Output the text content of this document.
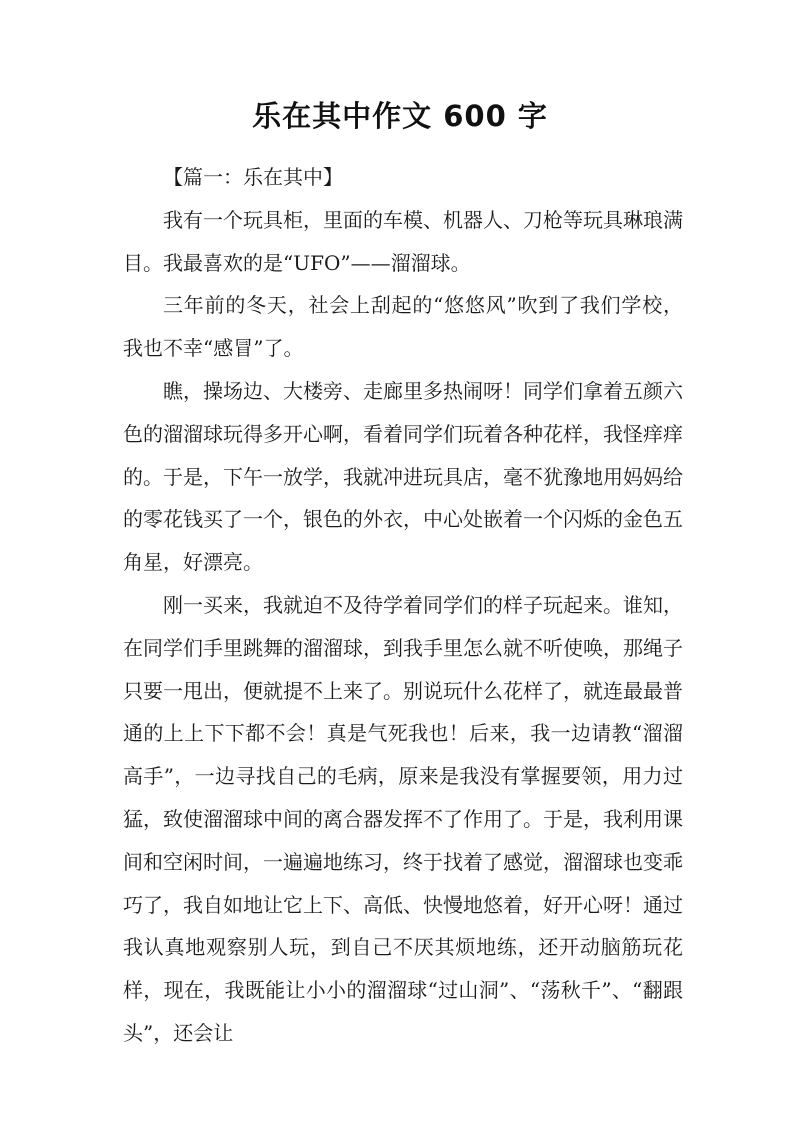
乐在其中作文 600 字

【篇一：乐在其中】

我有一个玩具柜，里面的车模、机器人、刀枪等玩具琳琅满目。我最喜欢的是“UFO”——溜溜球。

三年前的冬天，社会上刮起的“悠悠风”吹到了我们学校，我也不幸“感冒”了。

瞧，操场边、大楼旁、走廊里多热闹呀！同学们拿着五颜六色的溜溜球玩得多开心啊，看着同学们玩着各种花样，我怪痒痒的。于是，下午一放学，我就冲进玩具店，毫不犹豫地用妈妈给的零花钱买了一个，银色的外衣，中心处嵌着一个闪烁的金色五角星，好漂亮。

刚一买来，我就迫不及待学着同学们的样子玩起来。谁知，在同学们手里跳舞的溜溜球，到我手里怎么就不听使唤，那绳子只要一甩出，便就提不上来了。别说玩什么花样了，就连最最普通的上上下下都不会！真是气死我也！后来，我一边请教“溜溜高手”，一边寻找自己的毛病，原来是我没有掌握要领，用力过猛，致使溜溜球中间的离合器发挥不了作用了。于是，我利用课间和空闲时间，一遍遍地练习，终于找着了感觉，溜溜球也变乖巧了，我自如地让它上下、高低、快慢地悠着，好开心呀！通过我认真地观察别人玩，到自己不厌其烦地练，还开动脑筋玩花样，现在，我既能让小小的溜溜球“过山洞”、“荡秋千”、“翻跟头”，还会让
